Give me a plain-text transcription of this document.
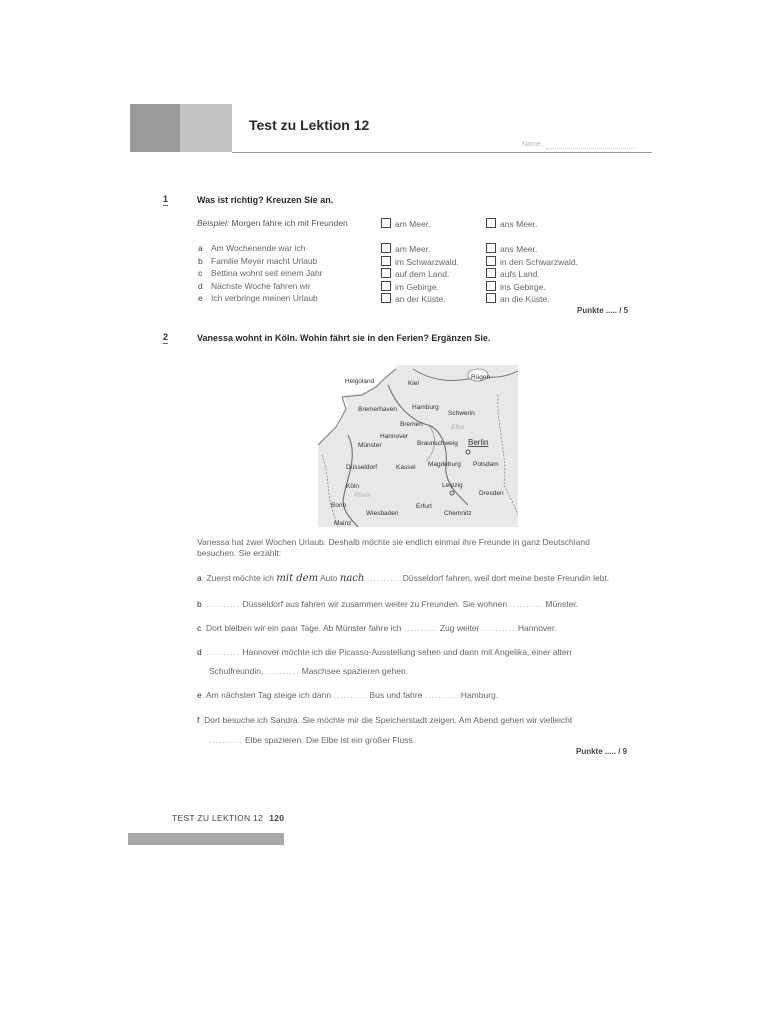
Test zu Lektion 12
Name:
1	Was ist richtig? Kreuzen Sie an.
Beispiel: Morgen fahre ich mit Freunden	am Meer.	ans Meer.
a Am Wochenende war ich	am Meer.	ans Meer.
b Familie Meyer macht Urlaub	im Schwarzwald.	in den Schwarzwald.
c Bettina wohnt seit einem Jahr	auf dem Land.	aufs Land.
d Nächste Woche fahren wir	im Gebirge.	ins Gebirge.
e Ich verbringe meinen Urlaub	an der Küste.	an die Küste.
Punkte ..... / 5
2	Vanessa wohnt in Köln. Wohin fährt sie in den Ferien? Ergänzen Sie.
Helgoland	Kiel
Rügen
Bremerhaven Hamburg
Schwerin
Elbe
Bremen
Hannover
Münster	Braunschweig Berlin
Potsdam
Düsseldorf	Kassel Magdeburg
Köln	Leipzig
Dresden
Rhein
Bonn
Wiesbaden
Erfurt
Chemnitz
Mainz
Vanessa hat zwei Wochen Urlaub. Deshalb möchte sie endlich einmal ihre Freunde in ganz Deutschland
besuchen. Sie erzählt:
a Zuerst möchte ich mit dem Auto nach .......... Düsseldorf fahren, weil dort meine beste Freundin lebt.
b .......... Düsseldorf aus fahren wir zusammen weiter zu Freunden. Sie wohnen .......... Münster.
c Dort bleiben wir ein paar Tage. Ab Münster fahre ich .......... Zug weiter .......... Hannover.
d .......... Hannover möchte ich die Picasso-Ausstellung sehen und dann mit Angelika, einer alten
Schulfreundin, .......... Maschsee spazieren gehen.
e Am nächsten Tag steige ich dann .......... Bus und fahre .......... Hamburg.
f Dort besuche ich Sandra. Sie möchte mir die Speicherstadt zeigen. Am Abend gehen wir vielleicht
.......... Elbe spazieren. Die Elbe ist ein großer Fluss.
Punkte ..... / 9
TEST ZU LEKTION 12 120
